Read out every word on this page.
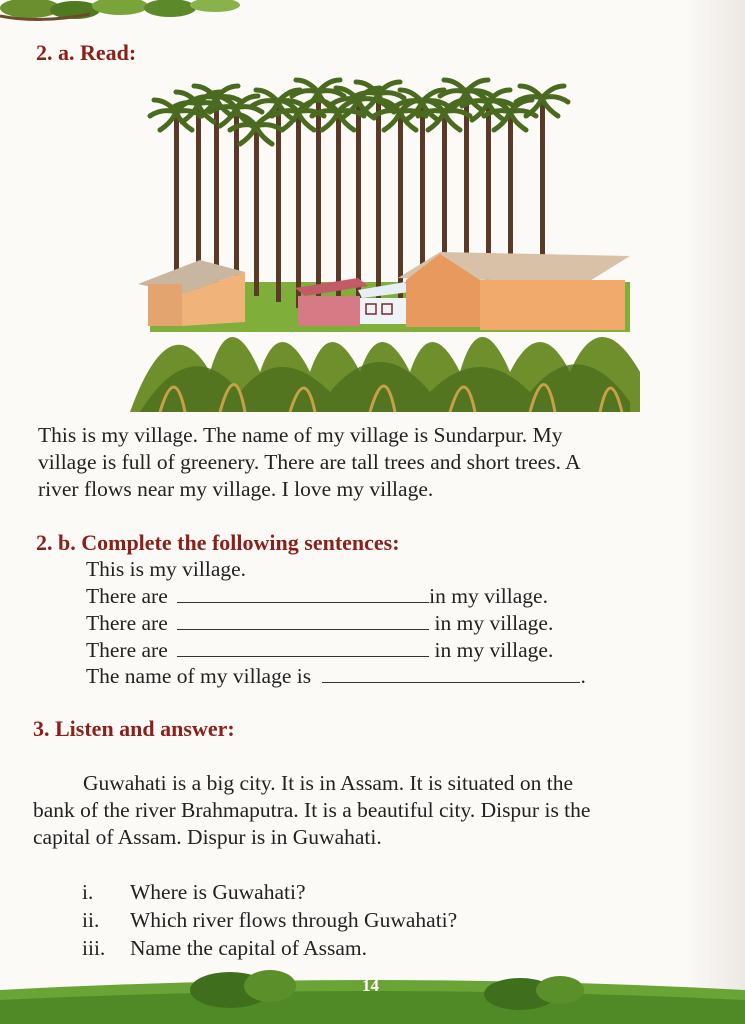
2. a. Read:
This is my village. The name of my village is Sundarpur. My
village is full of greenery. There are tall trees and short trees. A
river flows near my village. I love my village.
2. b. Complete the following sentences:
This is my village.
There are	in my village.
There are	in my village.
There are	in my village.
The name of my village is	.
3. Listen and answer:
Guwahati is a big city. It is in Assam. It is situated on the
bank of the river Brahmaputra. It is a beautiful city. Dispur is the
capital of Assam. Dispur is in Guwahati.
i. Where is Guwahati?
ii. Which river flows through Guwahati?
iii. Name the capital of Assam.
14
